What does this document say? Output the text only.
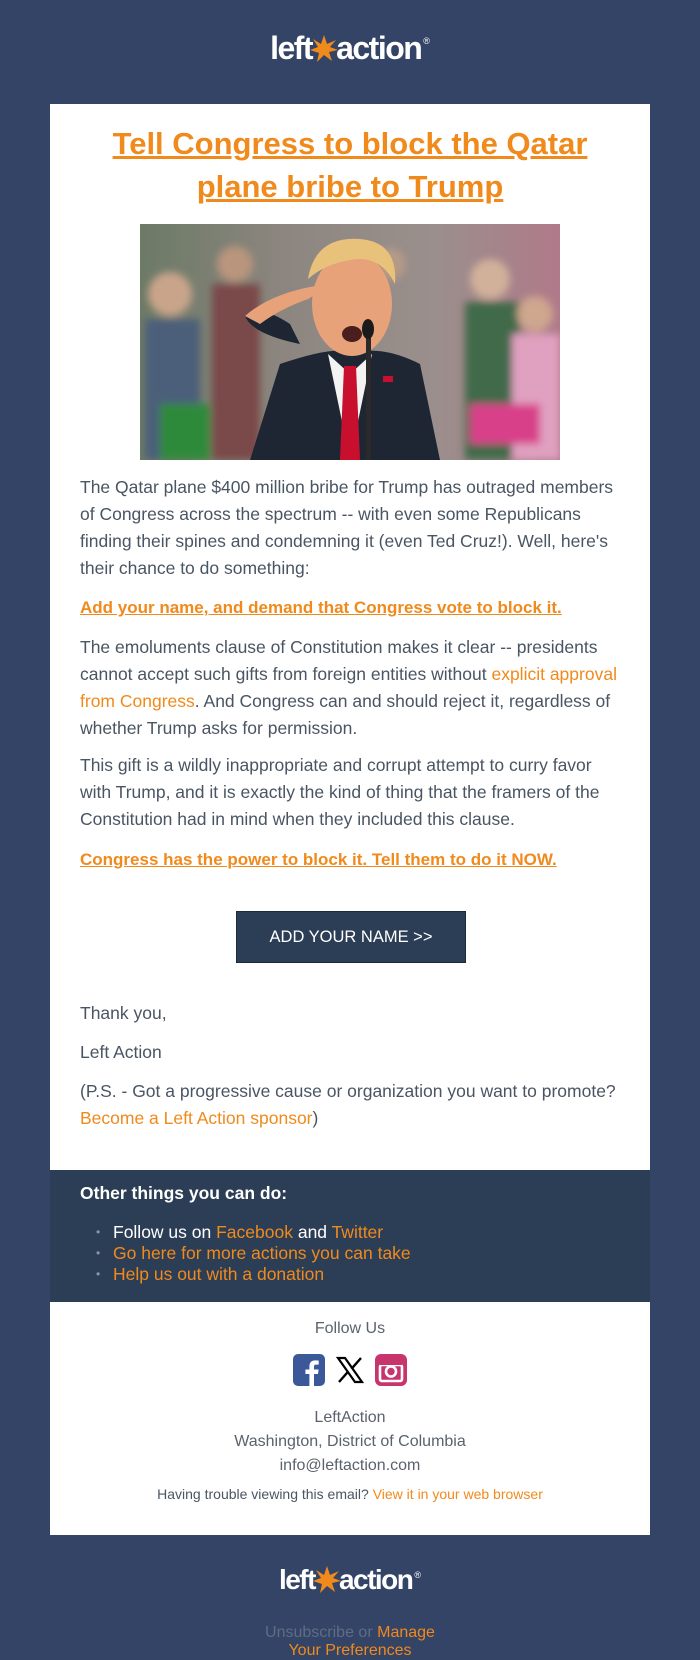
left action ®
Tell Congress to block the Qatar plane bribe to Trump

The Qatar plane $400 million bribe for Trump has outraged members of Congress across the spectrum -- with even some Republicans finding their spines and condemning it (even Ted Cruz!). Well, here's their chance to do something:

Add your name, and demand that Congress vote to block it.

The emoluments clause of Constitution makes it clear -- presidents cannot accept such gifts from foreign entities without explicit approval from Congress. And Congress can and should reject it, regardless of whether Trump asks for permission.

This gift is a wildly inappropriate and corrupt attempt to curry favor with Trump, and it is exactly the kind of thing that the framers of the Constitution had in mind when they included this clause.

Congress has the power to block it. Tell them to do it NOW.
ADD YOUR NAME >>

Thank you,

Left Action

(P.S. - Got a progressive cause or organization you want to promote? Become a Left Action sponsor)

Other things you can do:

• Follow us on Facebook and Twitter
• Go here for more actions you can take
• Help us out with a donation
Follow Us
LeftAction
Washington, District of Columbia
info@leftaction.com
Having trouble viewing this email? View it in your web browser
left action ®
Unsubscribe or Manage
Your Preferences
